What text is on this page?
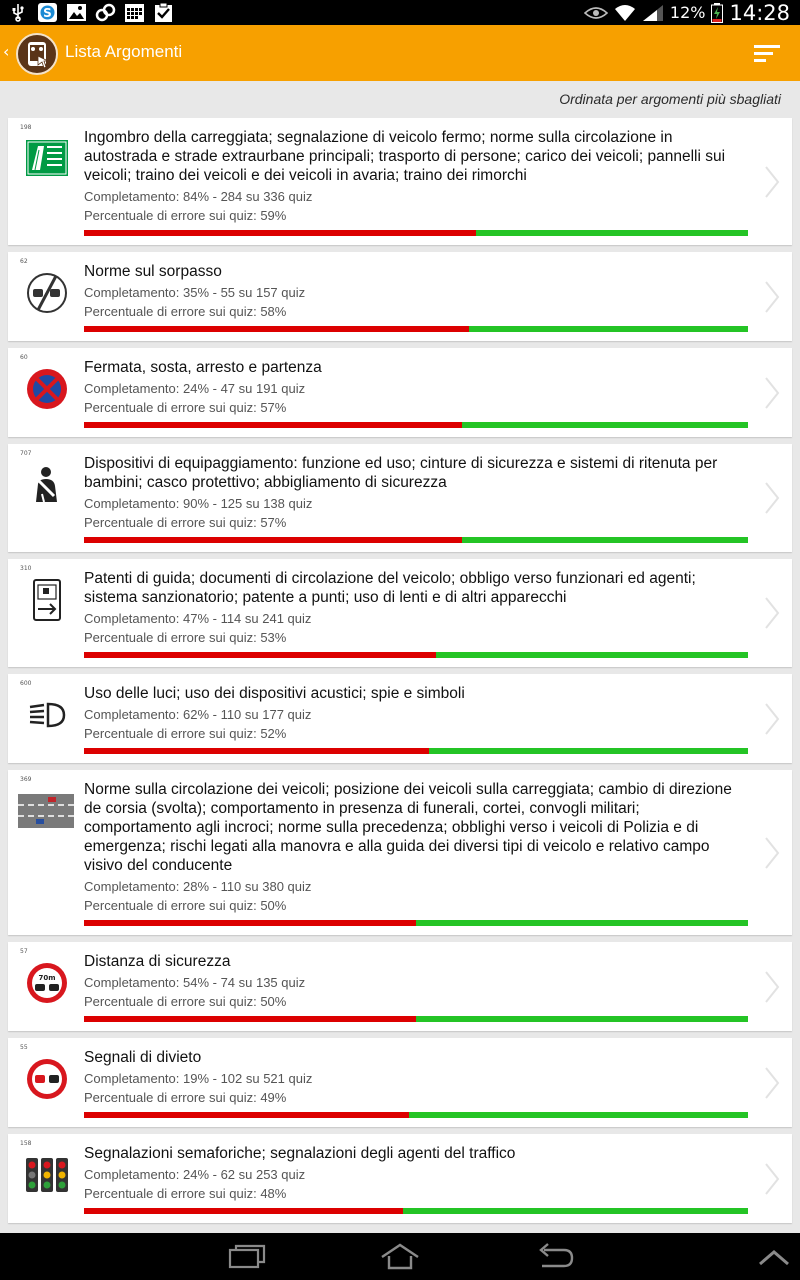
S	12% 14:28
‹	Lista Argomenti
Ordinata per argomenti più sbagliati
198
Ingombro della carreggiata; segnalazione di veicolo fermo; norme sulla circolazione in autostrada e strade extraurbane principali; trasporto di persone; carico dei veicoli; pannelli sui veicoli; traino dei veicoli e dei veicoli in avaria; traino dei rimorchi
Completamento: 84% - 284 su 336 quiz
Percentuale di errore sui quiz: 59%
62
Norme sul sorpasso
Completamento: 35% - 55 su 157 quiz
Percentuale di errore sui quiz: 58%
60
Fermata, sosta, arresto e partenza
Completamento: 24% - 47 su 191 quiz
Percentuale di errore sui quiz: 57%
707
Dispositivi di equipaggiamento: funzione ed uso; cinture di sicurezza e sistemi di ritenuta per bambini; casco protettivo; abbigliamento di sicurezza
Completamento: 90% - 125 su 138 quiz
Percentuale di errore sui quiz: 57%
310
Patenti di guida; documenti di circolazione del veicolo; obbligo verso funzionari ed agenti; sistema sanzionatorio; patente a punti; uso di lenti e di altri apparecchi
Completamento: 47% - 114 su 241 quiz
Percentuale di errore sui quiz: 53%
600
Uso delle luci; uso dei dispositivi acustici; spie e simboli
Completamento: 62% - 110 su 177 quiz
Percentuale di errore sui quiz: 52%
369
Norme sulla circolazione dei veicoli; posizione dei veicoli sulla carreggiata; cambio di direzione de corsia (svolta); comportamento in presenza di funerali, cortei, convogli militari; comportamento agli incroci; norme sulla precedenza; obblighi verso i veicoli di Polizia e di emergenza; rischi legati alla manovra e alla guida dei diversi tipi di veicolo e relativo campo visivo del conducente
Completamento: 28% - 110 su 380 quiz
Percentuale di errore sui quiz: 50%
57
70m
Distanza di sicurezza
Completamento: 54% - 74 su 135 quiz
Percentuale di errore sui quiz: 50%
55
Segnali di divieto
Completamento: 19% - 102 su 521 quiz
Percentuale di errore sui quiz: 49%
158
Segnalazioni semaforiche; segnalazioni degli agenti del traffico
Completamento: 24% - 62 su 253 quiz
Percentuale di errore sui quiz: 48%
